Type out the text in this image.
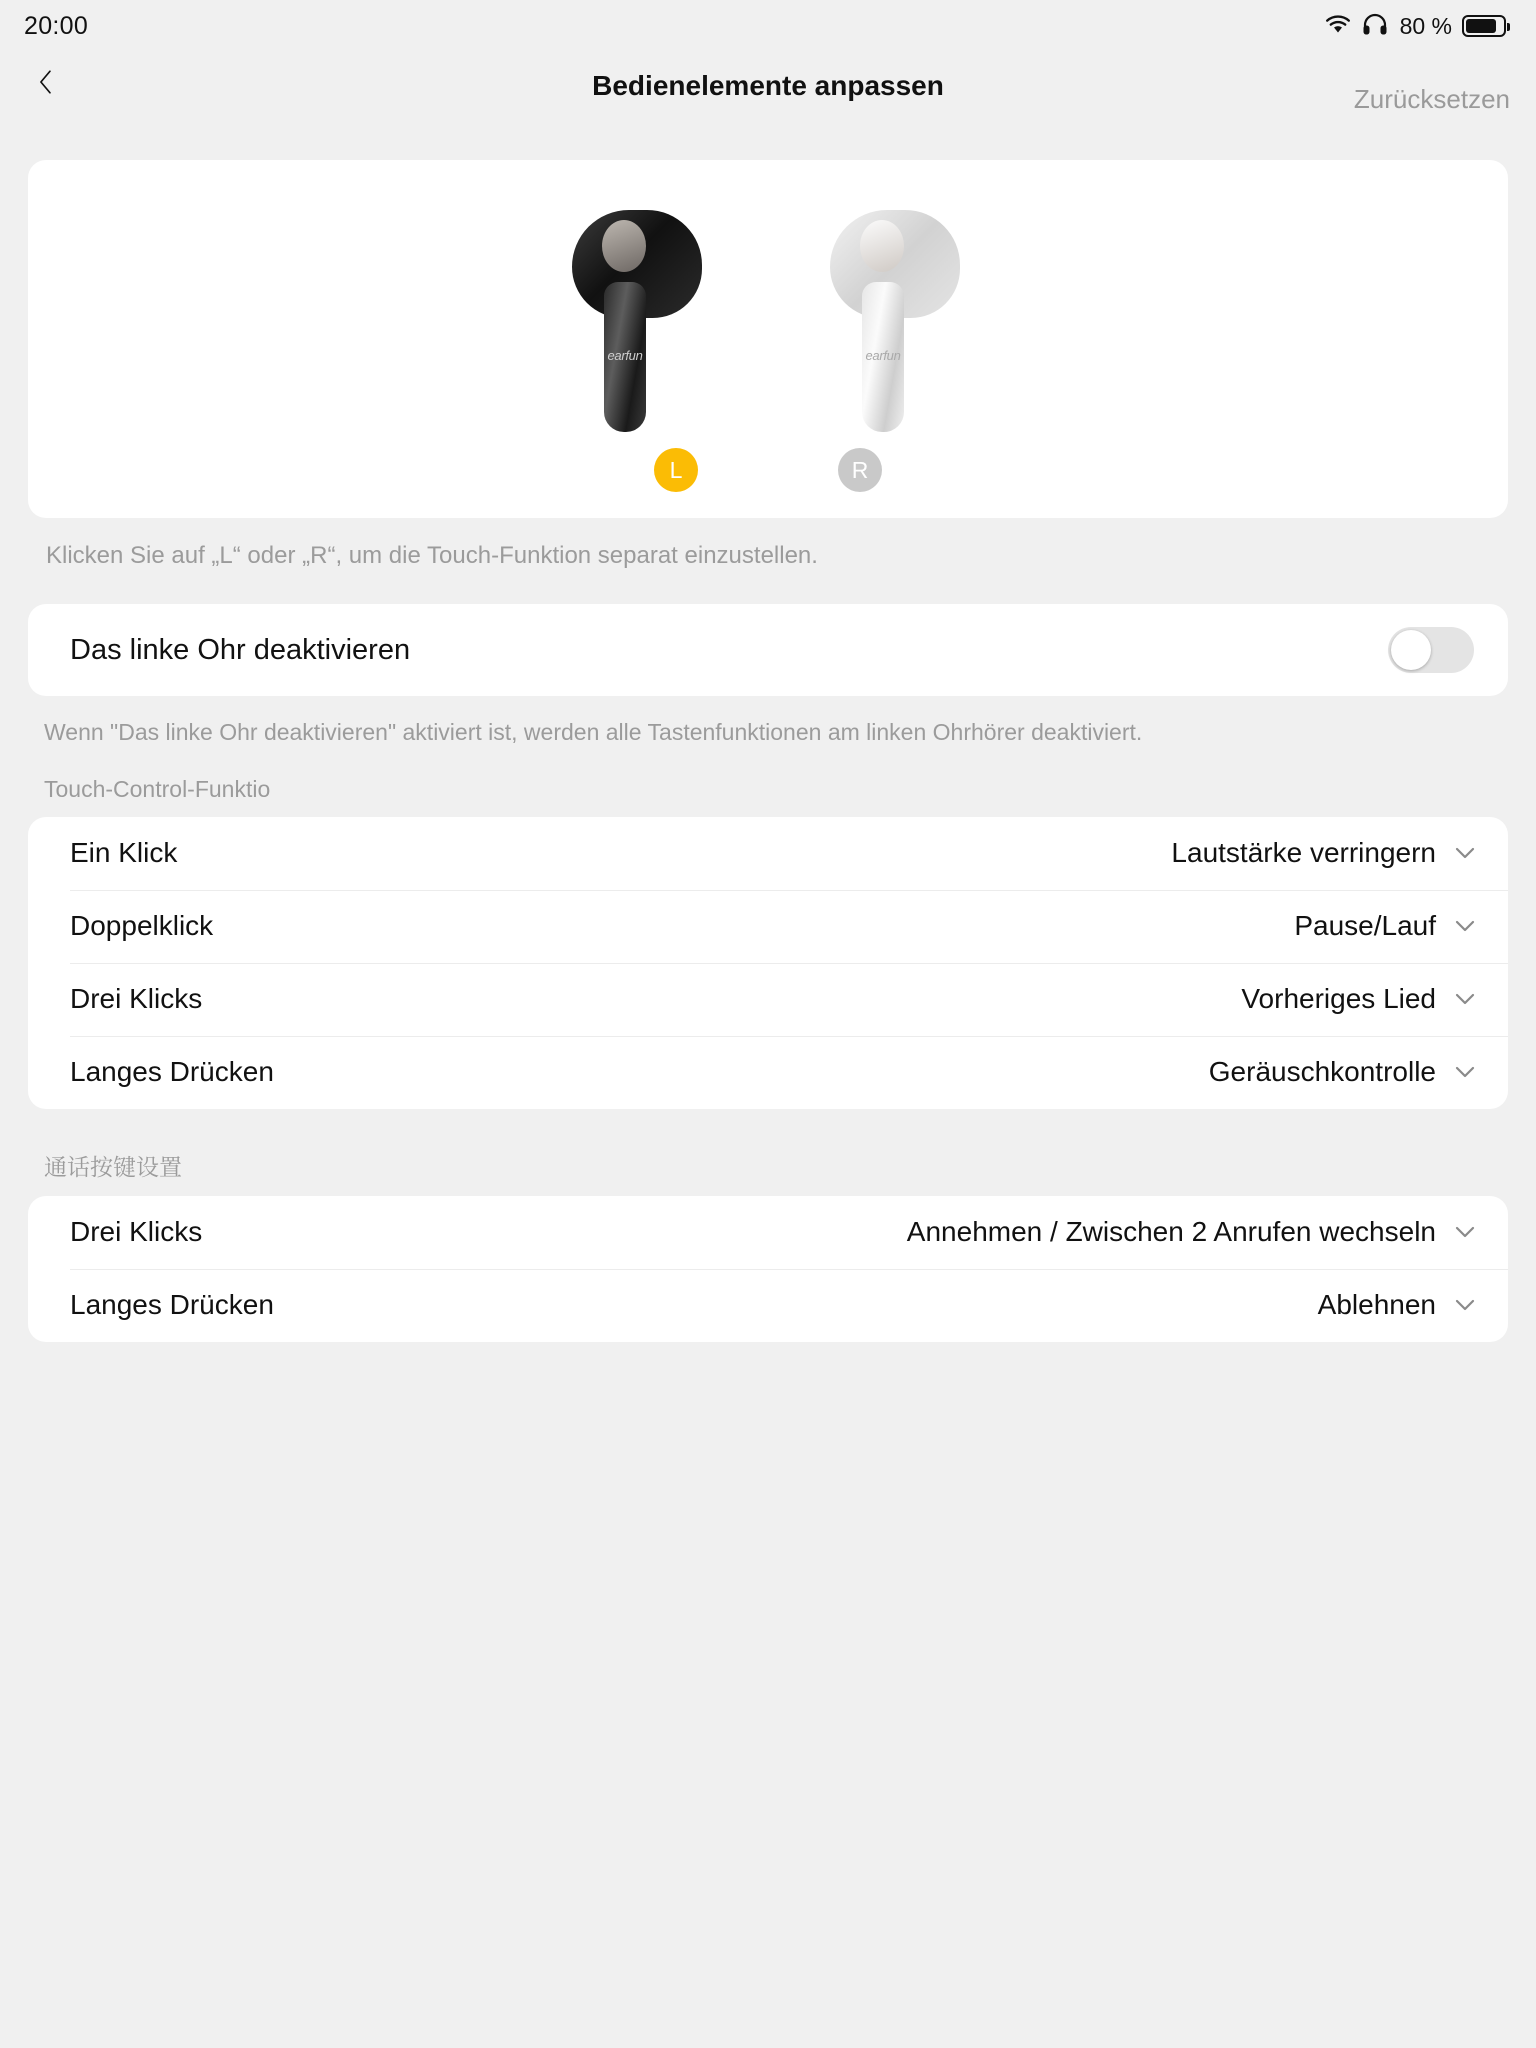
20:00	80 %
Bedienelemente anpassen	Zurücksetzen
earfun	earfun
L	R
Klicken Sie auf „L“ oder „R“, um die Touch-Funktion separat einzustellen.
Das linke Ohr deaktivieren
Wenn "Das linke Ohr deaktivieren" aktiviert ist, werden alle Tastenfunktionen am linken Ohrhörer deaktiviert.
Touch-Control-Funktio
Ein Klick	Lautstärke verringern
Doppelklick	Pause/Lauf
Drei Klicks	Vorheriges Lied
Langes Drücken	Geräuschkontrolle
通话按键设置
Drei Klicks	Annehmen / Zwischen 2 Anrufen wechseln
Langes Drücken	Ablehnen
